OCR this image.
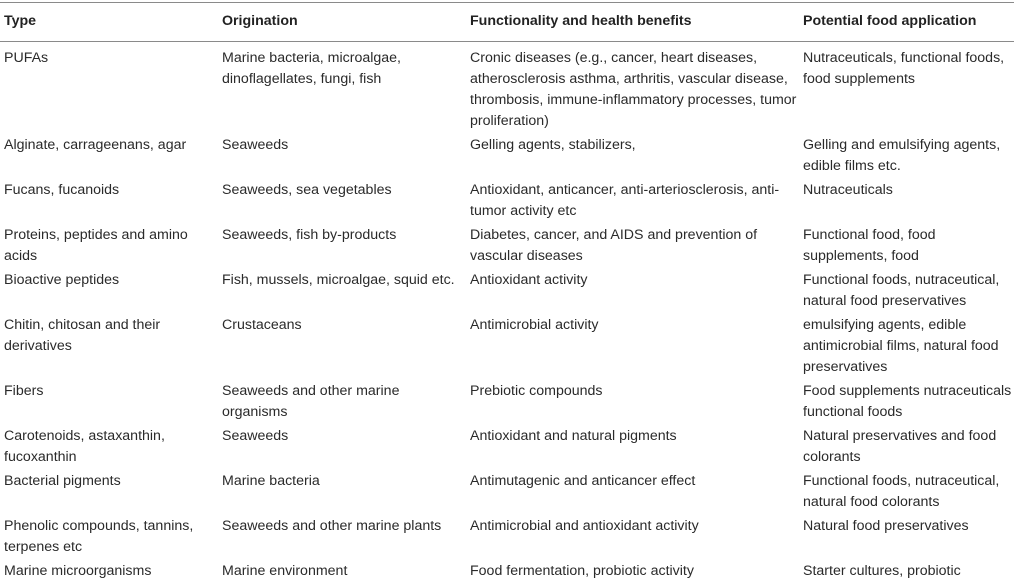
Type	Origination	Functionality and health benefits	Potential food application
PUFAs	Marine bacteria, microalgae, dinoflagellates, fungi, fish	Cronic diseases (e.g., cancer, heart diseases, atherosclerosis asthma, arthritis, vascular disease, thrombosis, immune-inflammatory processes, tumor proliferation)	Nutraceuticals, functional foods, food supplements
Alginate, carrageenans, agar	Seaweeds	Gelling agents, stabilizers,	Gelling and emulsifying agents, edible films etc.
Fucans, fucanoids	Seaweeds, sea vegetables	Antioxidant, anticancer, anti-arteriosclerosis, anti-tumor activity etc	Nutraceuticals
Proteins, peptides and amino acids	Seaweeds, fish by-products	Diabetes, cancer, and AIDS and prevention of vascular diseases	Functional food, food supplements, food
Bioactive peptides	Fish, mussels, microalgae, squid etc.	Antioxidant activity	Functional foods, nutraceutical, natural food preservatives
Chitin, chitosan and their derivatives	Crustaceans	Antimicrobial activity	emulsifying agents, edible antimicrobial films, natural food preservatives
Fibers	Seaweeds and other marine organisms	Prebiotic compounds	Food supplements nutraceuticals functional foods
Carotenoids, astaxanthin, fucoxanthin	Seaweeds	Antioxidant and natural pigments	Natural preservatives and food colorants
Bacterial pigments	Marine bacteria	Antimutagenic and anticancer effect	Functional foods, nutraceutical, natural food colorants
Phenolic compounds, tannins, terpenes etc	Seaweeds and other marine plants	Antimicrobial and antioxidant activity	Natural food preservatives
Marine microorganisms	Marine environment	Food fermentation, probiotic activity	Starter cultures, probiotic
